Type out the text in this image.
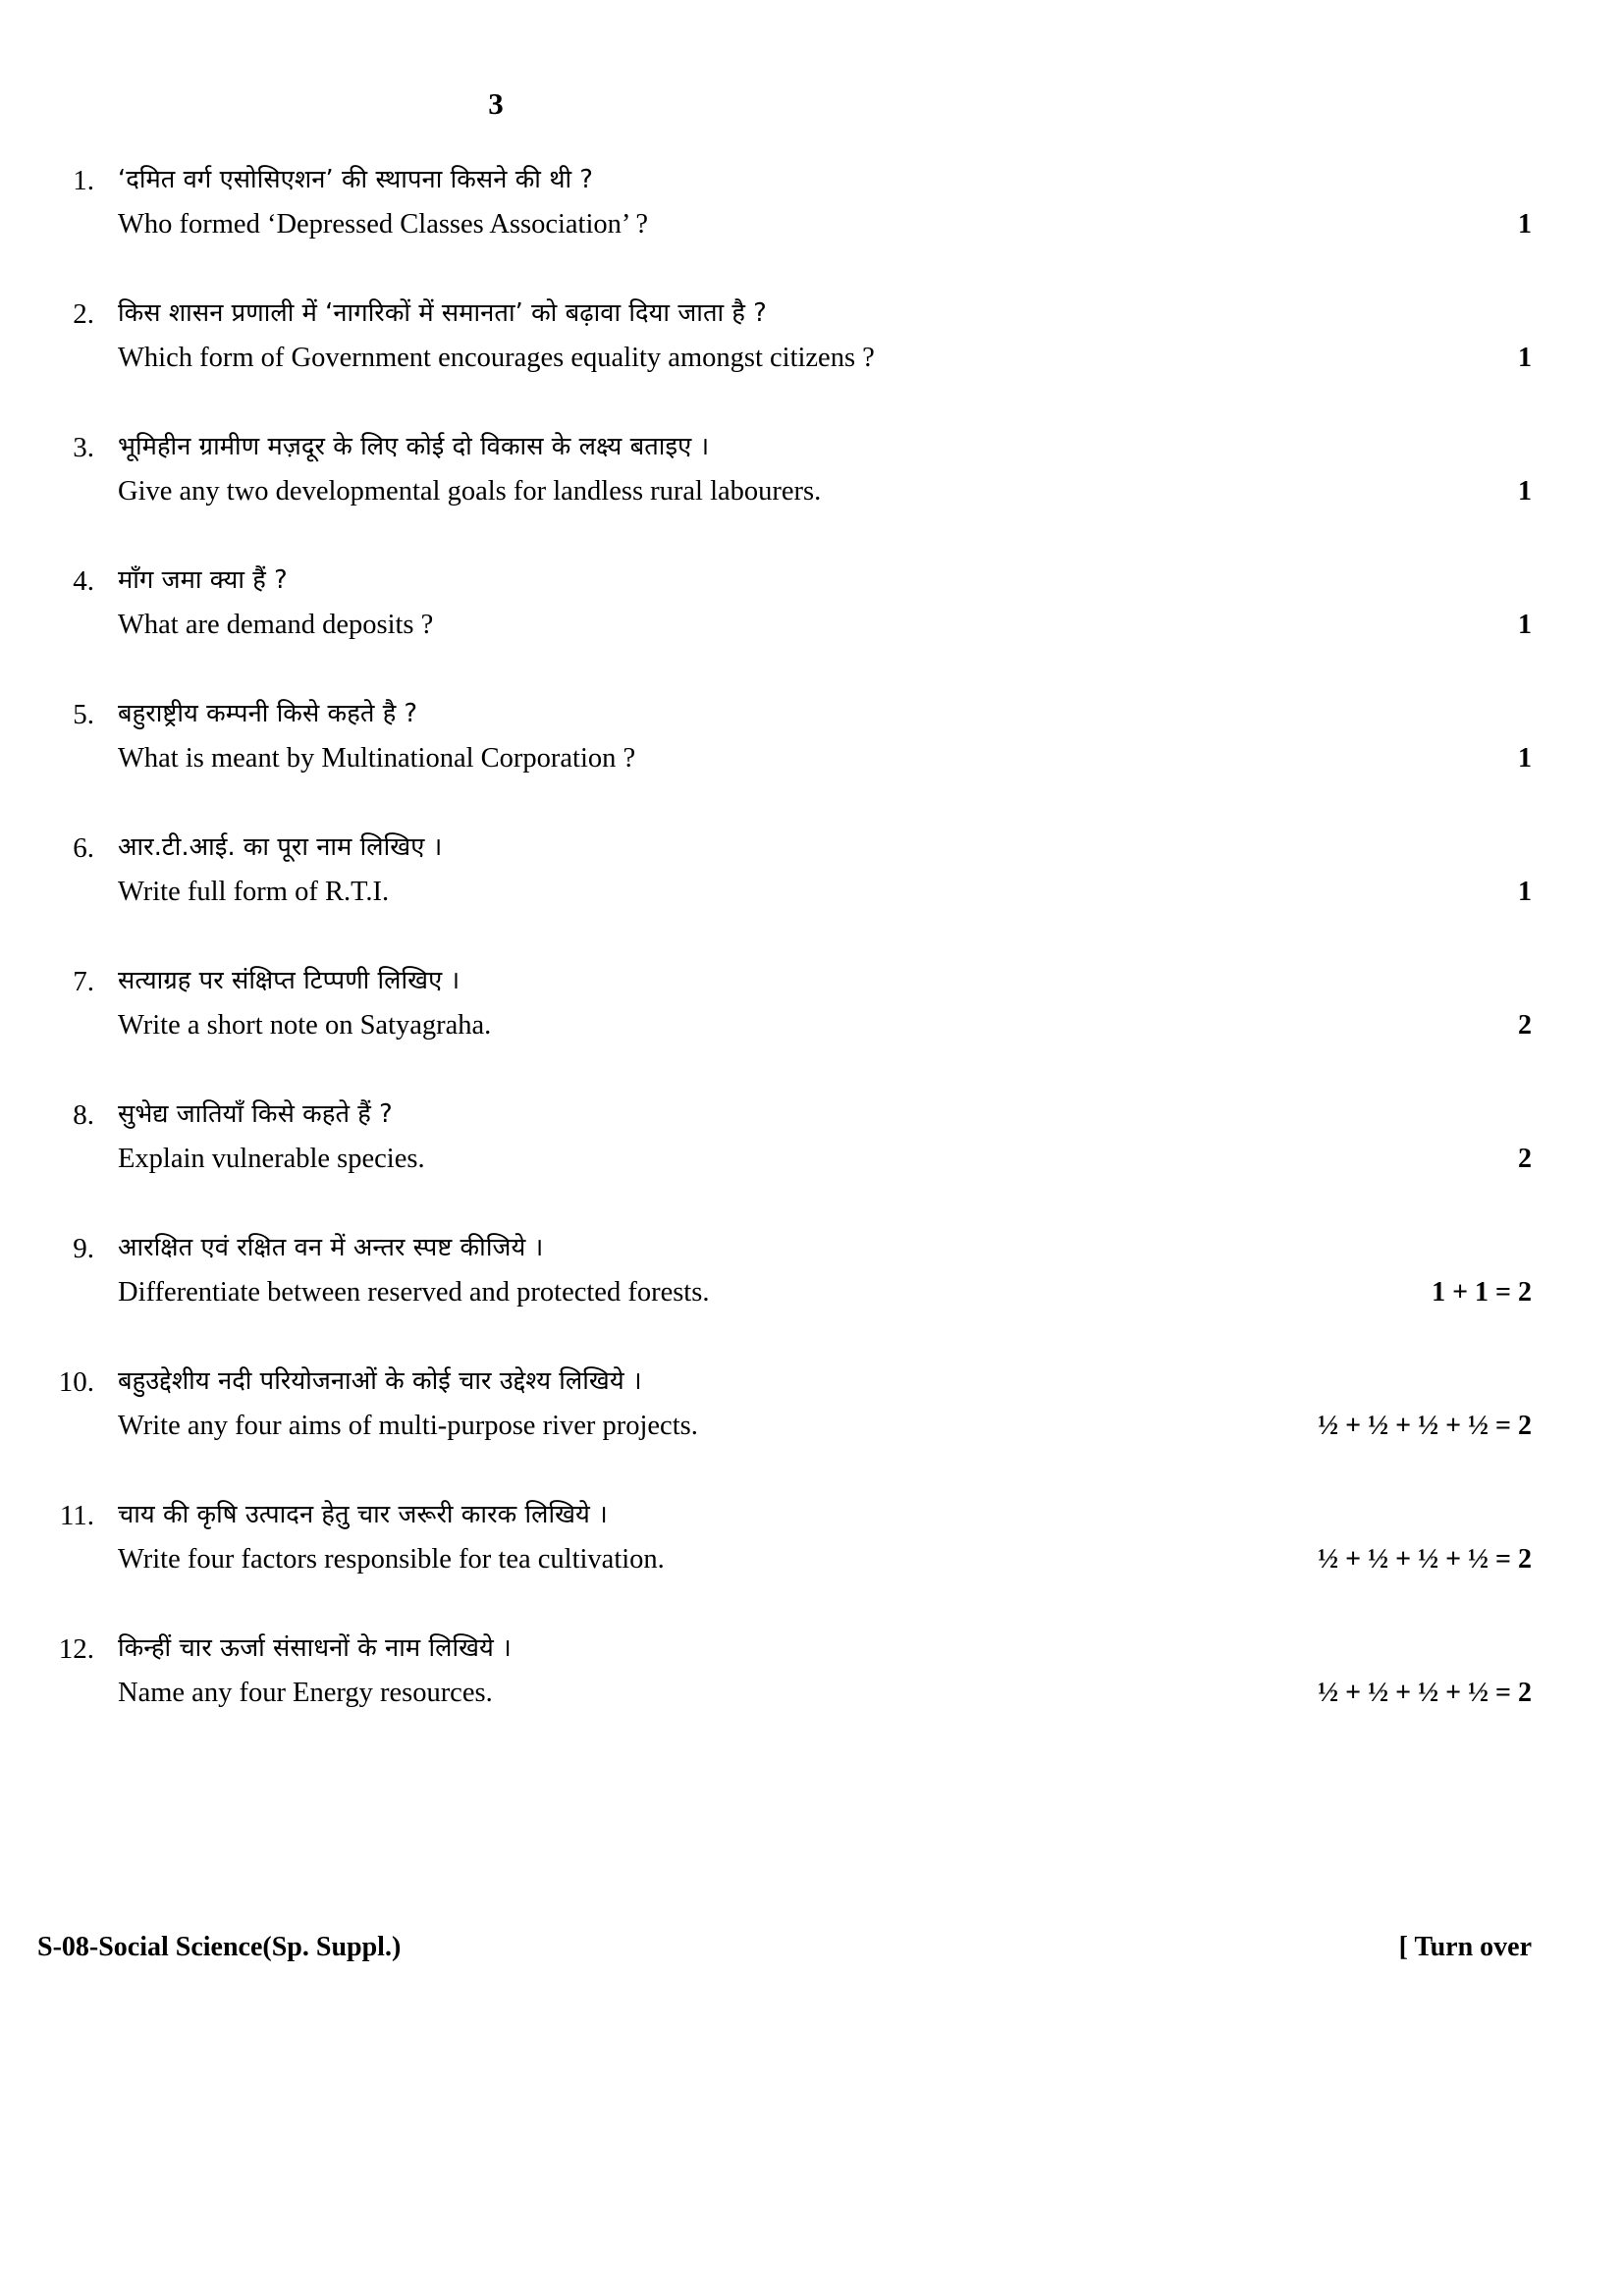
3
1. ‘दमित वर्ग एसोसिएशन’ की स्थापना किसने की थी ?
Who formed ‘Depressed Classes Association’ ?	1
2. किस शासन प्रणाली में ‘नागरिकों में समानता’ को बढ़ावा दिया जाता है ?
Which form of Government encourages equality amongst citizens ?	1
3. भूमिहीन ग्रामीण मज़दूर के लिए कोई दो विकास के लक्ष्य बताइए ।
Give any two developmental goals for landless rural labourers.	1
4. माँग जमा क्या हैं ?
What are demand deposits ?	1
5. बहुराष्ट्रीय कम्पनी किसे कहते है ?
What is meant by Multinational Corporation ?	1
6. आर.टी.आई. का पूरा नाम लिखिए ।
Write full form of R.T.I.	1
7. सत्याग्रह पर संक्षिप्त टिप्पणी लिखिए ।
Write a short note on Satyagraha.	2
8. सुभेद्य जातियाँ किसे कहते हैं ?
Explain vulnerable species.	2
9. आरक्षित एवं रक्षित वन में अन्तर स्पष्ट कीजिये ।
Differentiate between reserved and protected forests.	1 + 1 = 2
10. बहुउद्देशीय नदी परियोजनाओं के कोई चार उद्देश्य लिखिये ।
Write any four aims of multi-purpose river projects.	½ + ½ + ½ + ½ = 2
11. चाय की कृषि उत्पादन हेतु चार जरूरी कारक लिखिये ।
Write four factors responsible for tea cultivation.	½ + ½ + ½ + ½ = 2
12. किन्हीं चार ऊर्जा संसाधनों के नाम लिखिये ।
Name any four Energy resources.	½ + ½ + ½ + ½ = 2
S-08-Social Science(Sp. Suppl.)	[ Turn over
